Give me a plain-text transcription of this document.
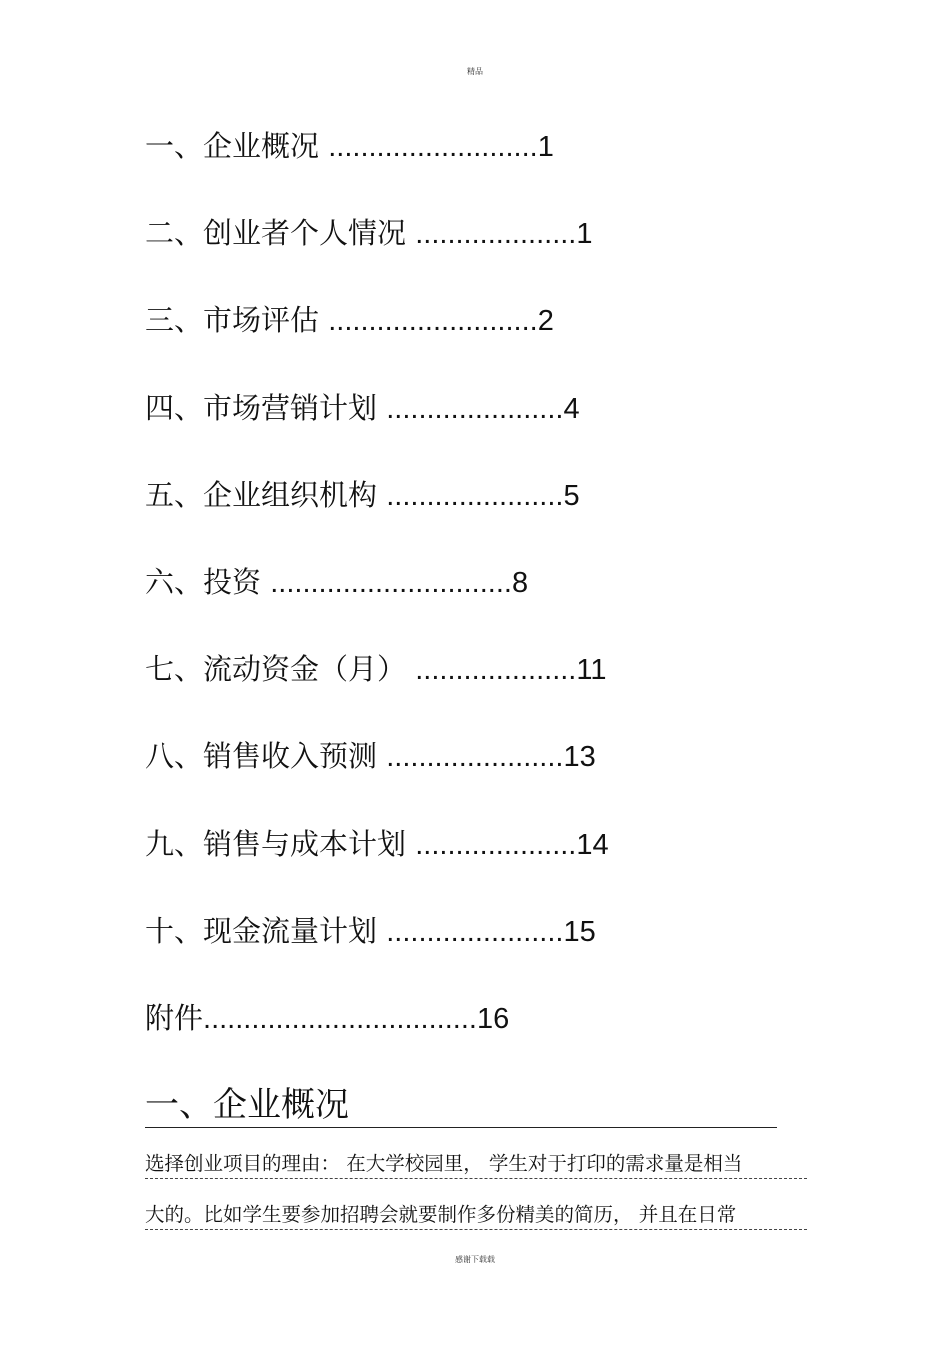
精品
一、企业概况 ..........................1
二、创业者个人情况 ....................1
三、市场评估 ..........................2
四、市场营销计划 ......................4
五、企业组织机构 ......................5
六、投资 ..............................8
七、流动资金（月） ....................11
八、销售收入预测 ......................13
九、销售与成本计划 ....................14
十、现金流量计划 ......................15
附件..................................16
一、企业概况
选择创业项目的理由： 在大学校园里， 学生对于打印的需求量是相当
大的。比如学生要参加招聘会就要制作多份精美的简历， 并且在日常
感谢下载载
